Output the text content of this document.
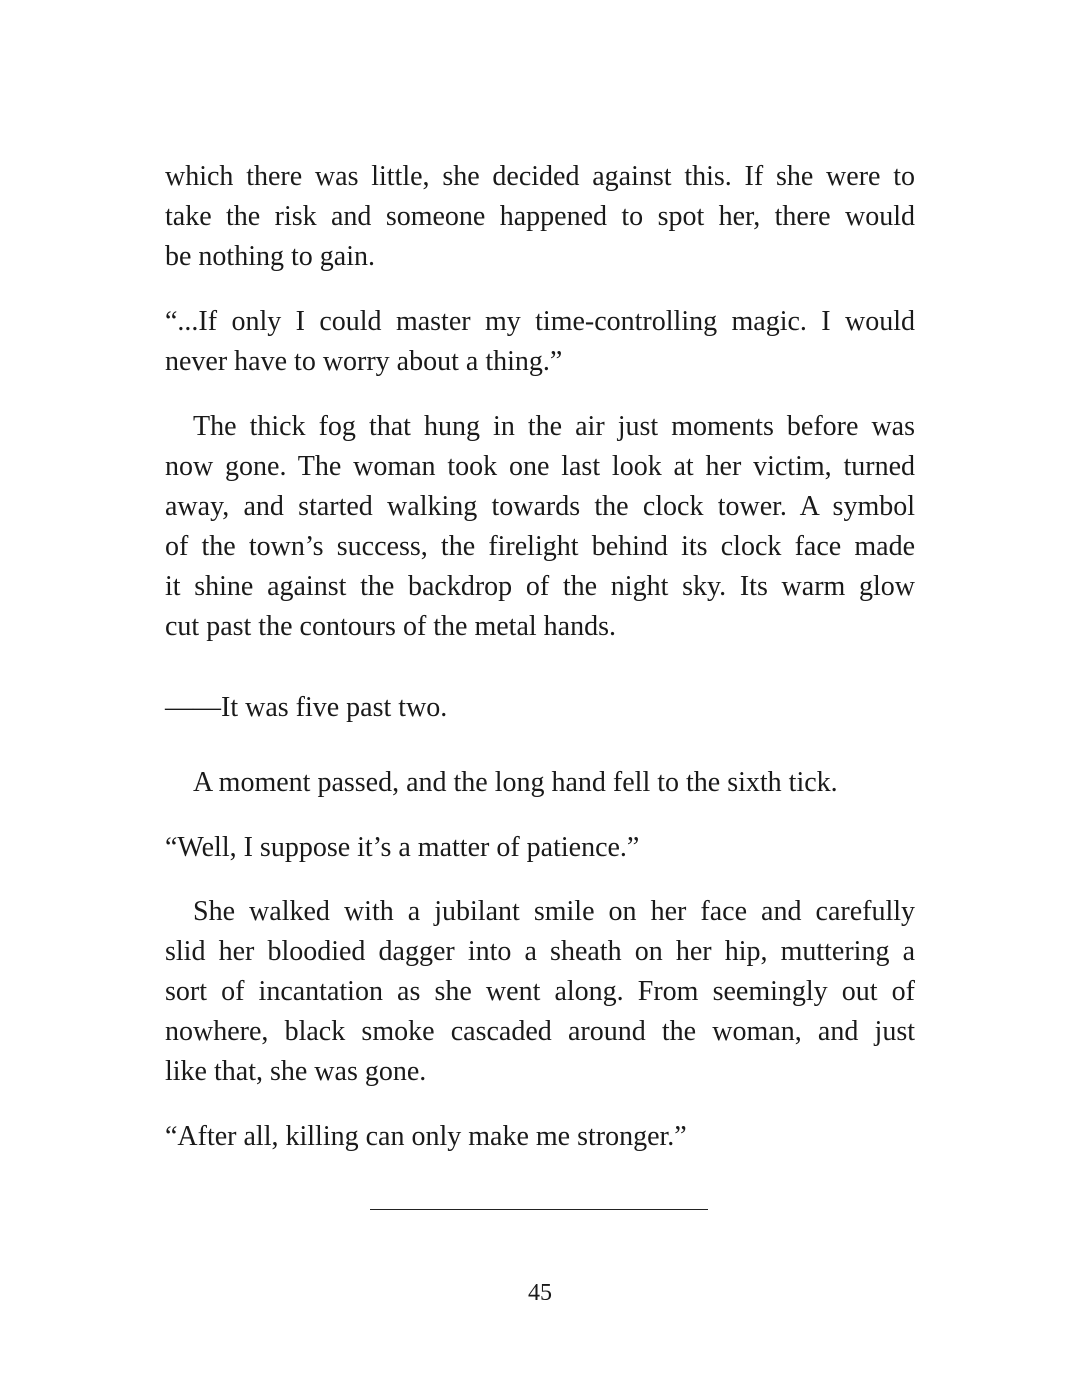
which there was little, she decided against this. If she were to
take the risk and someone happened to spot her, there would
be nothing to gain.
“...If only I could master my time-controlling magic. I would
never have to worry about a thing.”
The thick fog that hung in the air just moments before was
now gone. The woman took one last look at her victim, turned
away, and started walking towards the clock tower. A symbol
of the town’s success, the firelight behind its clock face made
it shine against the backdrop of the night sky. Its warm glow
cut past the contours of the metal hands.
——It was five past two.
A moment passed, and the long hand fell to the sixth tick.
“Well, I suppose it’s a matter of patience.”
She walked with a jubilant smile on her face and carefully
slid her bloodied dagger into a sheath on her hip, muttering a
sort of incantation as she went along. From seemingly out of
nowhere, black smoke cascaded around the woman, and just
like that, she was gone.
“After all, killing can only make me stronger.”
45
